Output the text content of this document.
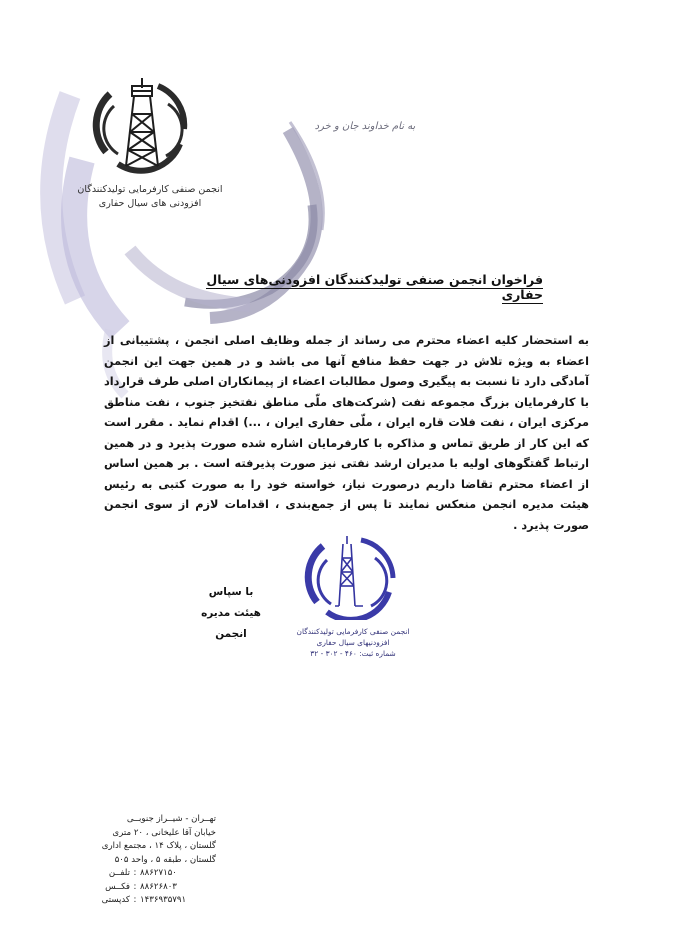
انجمن صنفی کارفرمایی تولیدکنندگان
افزودنی های سیال حفاری
به نام خداوند جان و خرد
فراخوان انجمن صنفی تولیدکنندگان افزودنی‌های سیال حفاری

به استحضار کلیه اعضاء محترم می رساند از جمله وظایف اصلی انجمن ، پشتیبانی از اعضاء به ویژه تلاش در جهت حفظ منافع آنها می باشد و در همین جهت این انجمن آمادگی دارد تا نسبت به پیگیری وصول مطالبات اعضاء از پیمانکاران اصلی طرف قرارداد با کارفرمایان بزرگ مجموعه نفت (شرکت‌های ملّی مناطق نفتخیز جنوب ، نفت مناطق مرکزی ایران ، نفت فلات قاره ایران ، ملّی حفاری ایران ، ...) اقدام نماید . مقرر است که این کار از طریق تماس و مذاکره با کارفرمایان اشاره شده صورت پذیرد و در همین ارتباط گفتگوهای اولیه با مدیران ارشد نفتی نیز صورت پذیرفته است . بر همین اساس از اعضاء محترم تقاضا داریم درصورت نیاز، خواسته خود را به صورت کتبی به رئیس هیئت مدیره انجمن منعکس نمایند تا پس از جمع‌بندی ، اقدامات لازم از سوی انجمن صورت پذیرد .

با سپاس
هیئت مدیره انجمن	انجمن صنفی کارفرمایی تولیدکنندگان
افزودنیهای سیال حفاری
شماره ثبت: ۴۶۰ - ۳۰۲ - ۳۲
تهــران - شیــراز جنوبــی
خیابان آقا علیخانی ، ۲۰ متری
گلستان ، پلاک ۱۴ ، مجتمع اداری
گلستان ، طبقه ۵ ، واحد ۵۰۵
تلفــن : ۸۸۶۲۷۱۵۰
فکــس : ۸۸۶۲۶۸۰۳
کدپستی : ۱۴۳۶۹۳۵۷۹۱
